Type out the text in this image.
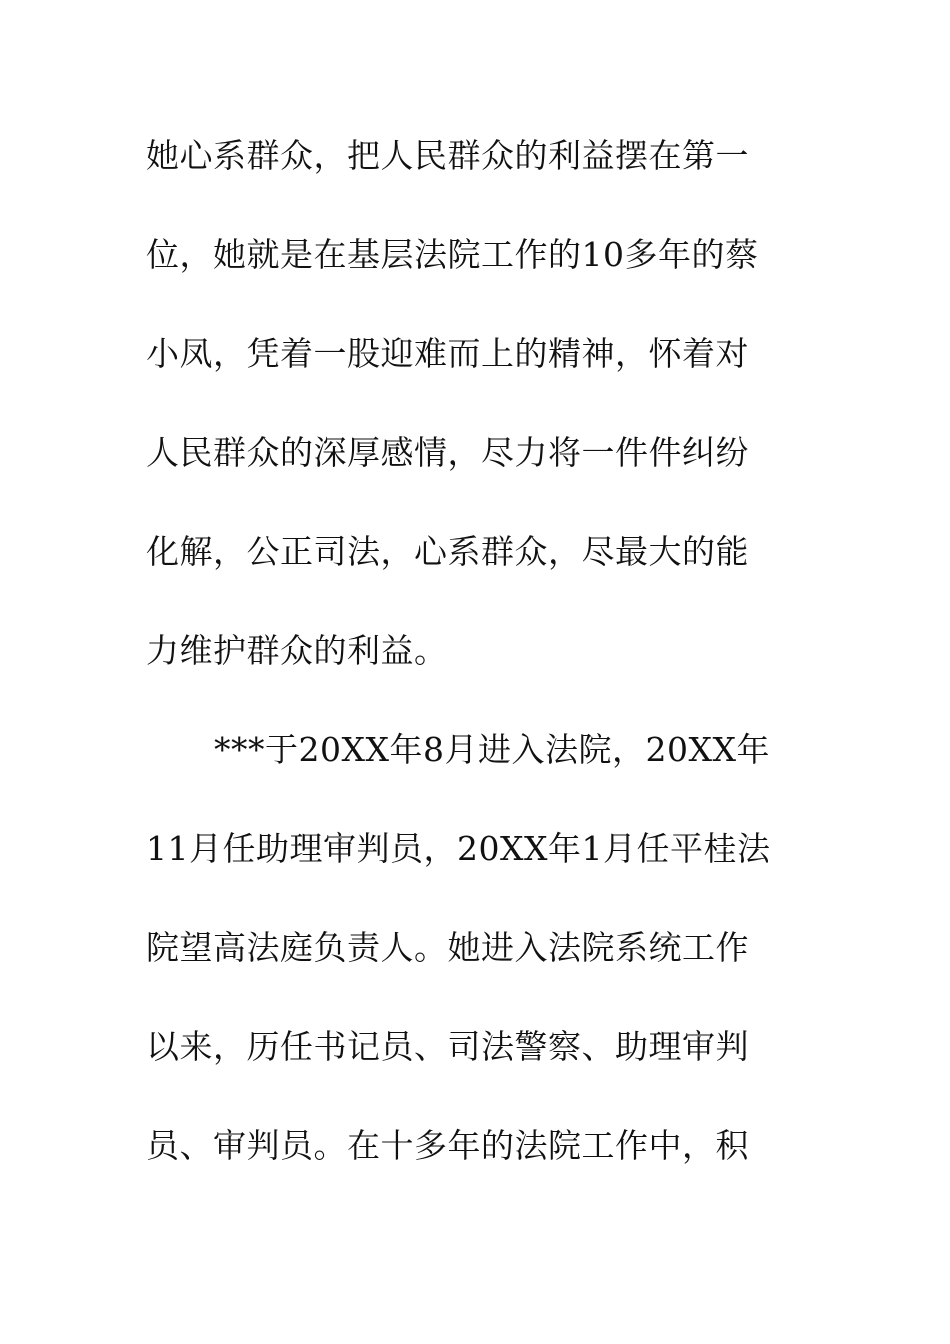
她心系群众，把人民群众的利益摆在第一
位，她就是在基层法院工作的10多年的蔡
小凤，凭着一股迎难而上的精神，怀着对
人民群众的深厚感情，尽力将一件件纠纷
化解，公正司法，心系群众，尽最大的能
力维护群众的利益。
***于20XX年8月进入法院，20XX年
11月任助理审判员，20XX年1月任平桂法
院望高法庭负责人。她进入法院系统工作
以来，历任书记员、司法警察、助理审判
员、审判员。在十多年的法院工作中，积
